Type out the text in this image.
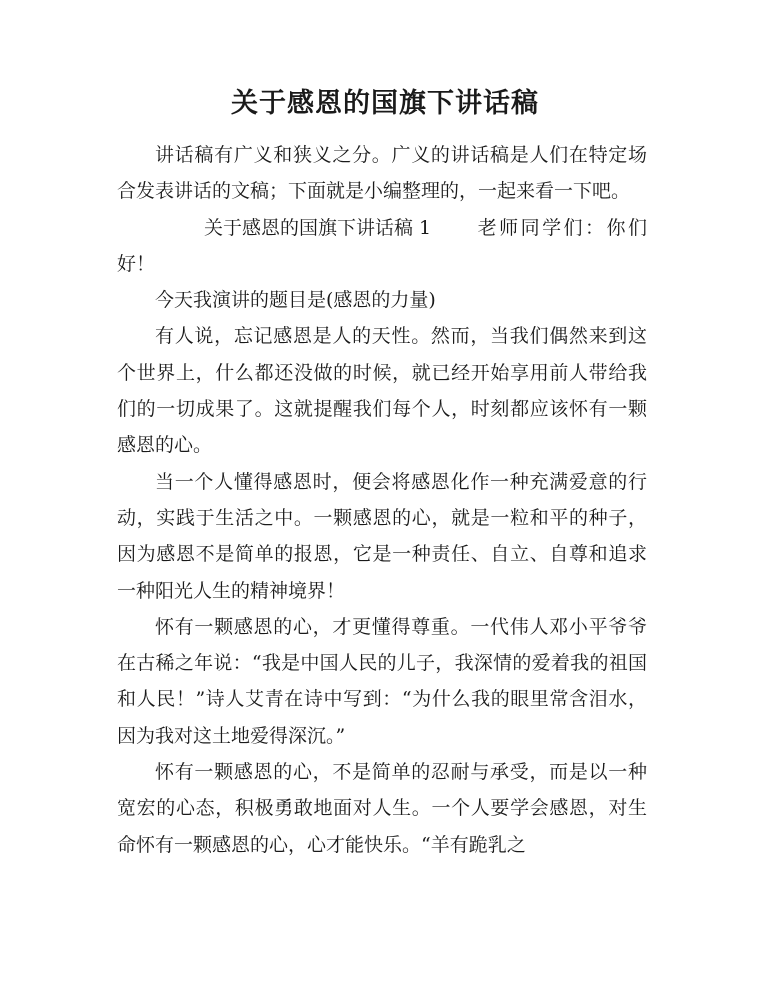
关于感恩的国旗下讲话稿

讲话稿有广义和狭义之分。广义的讲话稿是人们在特定场合发表讲话的文稿；下面就是小编整理的，一起来看一下吧。

关于感恩的国旗下讲话稿 1 老师同学们：你们好！

今天我演讲的题目是(感恩的力量)

有人说，忘记感恩是人的天性。然而，当我们偶然来到这个世界上，什么都还没做的时候，就已经开始享用前人带给我们的一切成果了。这就提醒我们每个人，时刻都应该怀有一颗感恩的心。

当一个人懂得感恩时，便会将感恩化作一种充满爱意的行动，实践于生活之中。一颗感恩的心，就是一粒和平的种子，因为感恩不是简单的报恩，它是一种责任、自立、自尊和追求一种阳光人生的精神境界！

怀有一颗感恩的心，才更懂得尊重。一代伟人邓小平爷爷在古稀之年说：“我是中国人民的儿子，我深情的爱着我的祖国和人民！”诗人艾青在诗中写到：“为什么我的眼里常含泪水，因为我对这土地爱得深沉。”

怀有一颗感恩的心，不是简单的忍耐与承受，而是以一种宽宏的心态，积极勇敢地面对人生。一个人要学会感恩，对生命怀有一颗感恩的心，心才能快乐。“羊有跪乳之
